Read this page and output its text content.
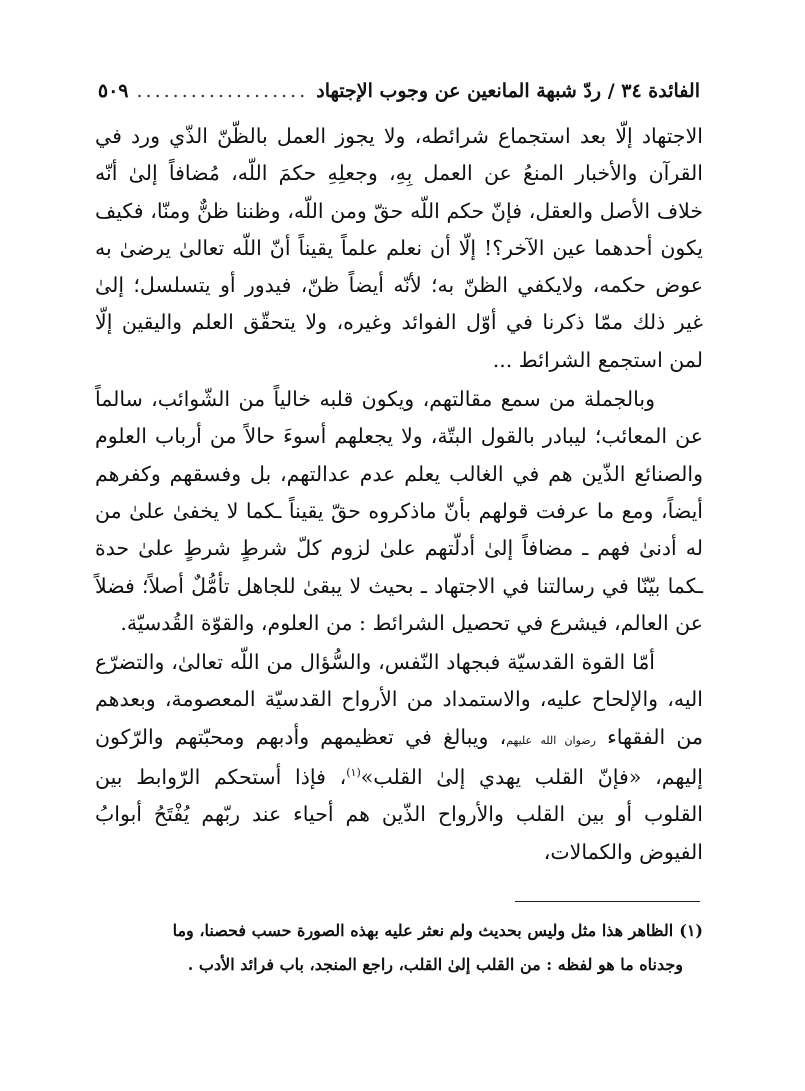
الفائدة ٣٤ / ردّ شبهة المانعين عن وجوب الإجتهاد
...................
٥٠٩

الاجتهاد إلّا بعد استجماع شرائطه، ولا يجوز العمل بالظّنّ الذّي ورد في القرآن والأخبار المنعُ عن العمل بِهِ، وجعلِهِ حكمَ اللّه، مُضافاً إلىٰ أنّه خلاف الأصل والعقل، فإنّ حكم اللّه حقّ ومن اللّه، وظننا ظنٌّ ومنّا، فكيف يكون أحدهما عين الآخر؟! إلّا أن نعلم علماً يقيناً أنّ اللّه تعالىٰ يرضىٰ به عوض حكمه، ولايكفي الظنّ به؛ لأنّه أيضاً ظنّ، فيدور أو يتسلسل؛ إلىٰ غير ذلك ممّا ذكرنا في أوّل الفوائد وغيره، ولا يتحقّق العلم واليقين إلّا لمن استجمع الشرائط ...

وبالجملة من سمع مقالتهم، ويكون قلبه خالياً من الشّوائب، سالماً عن المعائب؛ ليبادر بالقول البتّة، ولا يجعلهم أسوءَ حالاً من أرباب العلوم والصنائع الذّين هم في الغالب يعلم عدم عدالتهم، بل وفسقهم وكفرهم أيضاً، ومع ما عرفت قولهم بأنّ ماذكروه حقّ يقيناً ـكما لا يخفىٰ علىٰ من له أدنىٰ فهم ـ مضافاً إلىٰ أدلّتهم علىٰ لزوم كلّ شرطٍ شرطٍ علىٰ حدة ـكما بيّنّا في رسالتنا في الاجتهاد ـ بحيث لا يبقىٰ للجاهل تأمُّلٌ أصلاً؛ فضلاً عن العالم، فيشرع في تحصيل الشرائط : من العلوم، والقوّة القُدسيّة.

أمّا القوة القدسيّة فبجهاد النّفس، والسُّؤال من اللّه تعالىٰ، والتضرّع اليه، والإلحاح عليه، والاستمداد من الأرواح القدسيّة المعصومة، وبعدهم من الفقهاء رضوان الله عليهم، ويبالغ في تعظيمهم وأدبهم ومحبّتهم والرّكون إليهم، «فإنّ القلب يهدي إلىٰ القلب»$^{(١)}$، فإذا أستحكم الرّوابط بين القلوب أو بين القلب والأرواح الذّين هم أحياء عند ربّهم يُفْتَحُ أبوابُ الفيوض والكمالات،

(١)الظاهر هذا مثل وليس بحديث ولم نعثر عليه بهذه الصورة حسب فحصنا، وما
وجدناه ما هو لفظه : من القلب إلىٰ القلب، راجع المنجد، باب فرائد الأدب .
